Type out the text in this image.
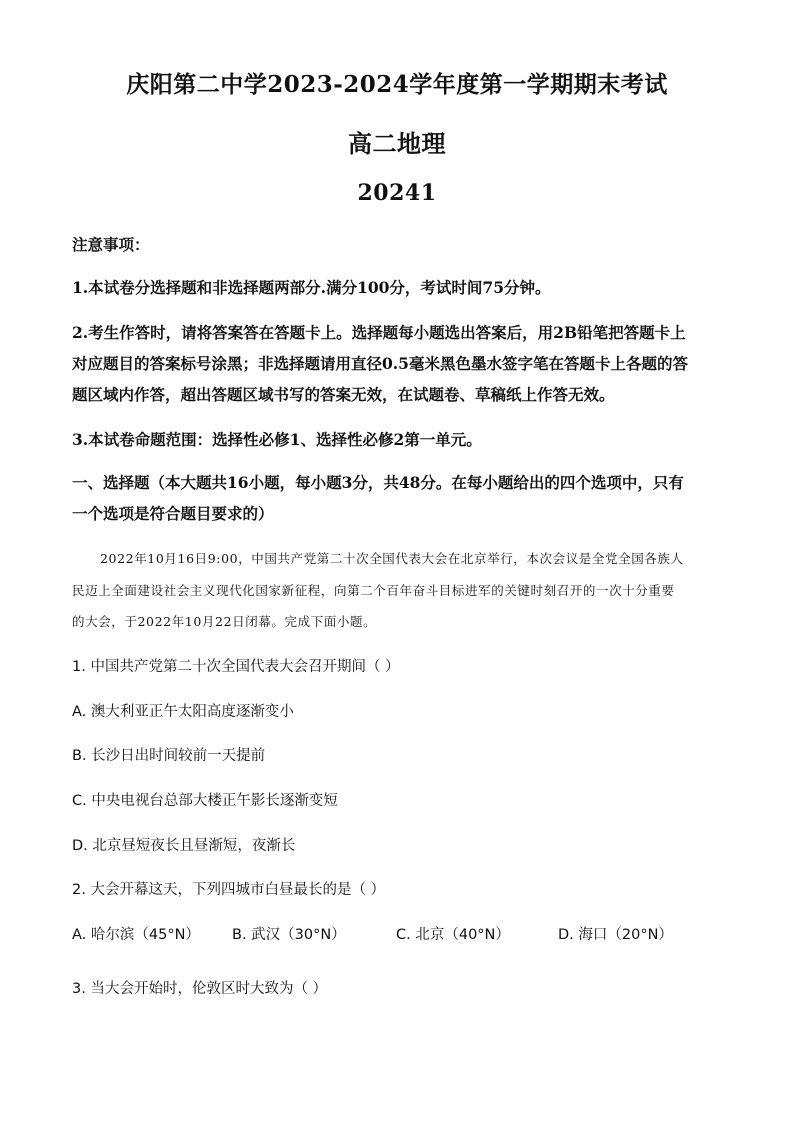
庆阳第二中学2023-2024学年度第一学期期末考试
高二地理
20241
注意事项：
1.本试卷分选择题和非选择题两部分.满分100分，考试时间75分钟。
2.考生作答时，请将答案答在答题卡上。选择题每小题选出答案后，用2B铅笔把答题卡上
对应题目的答案标号涂黑；非选择题请用直径0.5毫米黑色墨水签字笔在答题卡上各题的答
题区域内作答，超出答题区域书写的答案无效，在试题卷、草稿纸上作答无效。
3.本试卷命题范围：选择性必修1、选择性必修2第一单元。
一、选择题（本大题共16小题，每小题3分，共48分。在每小题给出的四个选项中，只有
一个选项是符合题目要求的）
2022年10月16日9:00，中国共产党第二十次全国代表大会在北京举行，本次会议是全党全国各族人
民迈上全面建设社会主义现代化国家新征程，向第二个百年奋斗目标进军的关键时刻召开的一次十分重要
的大会，于2022年10月22日闭幕。完成下面小题。
1. 中国共产党第二十次全国代表大会召开期间（ ）
A. 澳大利亚正午太阳高度逐渐变小
B. 长沙日出时间较前一天提前
C. 中央电视台总部大楼正午影长逐渐变短
D. 北京昼短夜长且昼渐短，夜渐长
2. 大会开幕这天，下列四城市白昼最长的是（ ）
A. 哈尔滨（45°N） B. 武汉（30°N）	C. 北京（40°N）	D. 海口（20°N）
3. 当大会开始时，伦敦区时大致为（ ）
